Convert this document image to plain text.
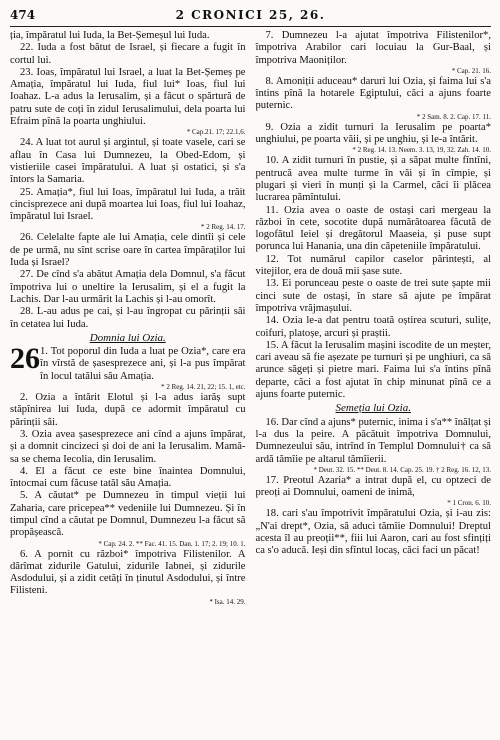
474	2 CRONICI 25, 26.

ția, împăratul lui Iuda, la Bet-Șemeșul lui Iuda.

22. Iuda a fost bătut de Israel, și fiecare a fugit în cortul lui.

23. Ioas, împăratul lui Israel, a luat la Bet-Șemeș pe Amația, împăratul lui Iuda, fiul lui* Ioas, fiul lui Ioahaz. L-a adus la Ierusalim, și a făcut o spărtură de patru sute de coți în zidul Ierusalimului, dela poarta lui Efraim pînă la poarta unghiului.

* Cap.21. 17; 22.1,6.

24. A luat tot aurul și argintul, și toate vasele, cari se aflau în Casa lui Dumnezeu, la Obed-Edom, și vistieriile casei împăratului. A luat și ostatici, și s'a întors la Samaria.

25. Amația*, fiul lui Ioas, împăratul lui Iuda, a trăit cincisprezece ani după moartea lui Ioas, fiul lui Ioahaz, împăratul lui Israel.

* 2 Reg. 14. 17.

26. Celelalte fapte ale lui Amația, cele dintîi și cele de pe urmă, nu sînt scrise oare în cartea împăraților lui Iuda și Israel?

27. De cînd s'a abătut Amația dela Domnul, s'a făcut împotriva lui o uneltire la Ierusalim, și el a fugit la Lachis. Dar l-au urmărit la Lachis și l-au omorît.

28. L-au adus pe cai, și l-au îngropat cu părinții săi în cetatea lui Iuda.

Domnia lui Ozia.
26 1. Tot poporul din Iuda a luat pe Ozia*, care era în vîrstă de șasesprezece ani, și l-a pus împărat în locul tatălui său Amația.

* 2 Reg. 14. 21, 22; 15. 1, etc.

2. Ozia a întărit Elotul și l-a adus iarăș supt stăpînirea lui Iuda, după ce adormit împăratul cu părinții săi.

3. Ozia avea șasesprezece ani cînd a ajuns împărat, și a domnit cincizeci și doi de ani la Ierusalim. Mamă-sa se chema Iecolia, din Ierusalim.

4. El a făcut ce este bine înaintea Domnului, întocmai cum făcuse tatăl său Amația.

5. A căutat* pe Dumnezeu în timpul vieții lui Zaharia, care pricepea** vedeniile lui Dumnezeu. Și în timpul cînd a căutat pe Domnul, Dumnezeu l-a făcut să propășească.

* Cap. 24. 2. ** Fac. 41. 15. Dan. 1. 17; 2. 19; 10. 1.

6. A pornit cu război* împotriva Filistenilor. A dărîmat zidurile Gatului, zidurile Iabnei, și zidurile Asdodului, și a zidit cetăți în ținutul Asdodului, și între Filisteni.

* Isa. 14. 29.

7. Dumnezeu l-a ajutat împotriva Filistenilor*, împotriva Arabilor cari locuiau la Gur-Baal, și împotriva Maoniților.

* Cap. 21. 16.

8. Amoniții aduceau* daruri lui Ozia, și faima lui s'a întins pînă la hotarele Egiptului, căci a ajuns foarte puternic.

* 2 Sam. 8. 2. Cap. 17. 11.

9. Ozia a zidit turnuri la Ierusalim pe poarta* unghiului, pe poarta văii, și pe unghiu, și le-a întărit.

* 2 Reg. 14. 13. Neem. 3. 13, 19, 32. Zah. 14. 10.

10. A zidit turnuri în pustie, și a săpat multe fîntîni, pentrucă avea multe turme în văi și în cîmpie, și plugari și vieri în munți și la Carmel, căci îi plăcea lucrarea pămîntului.

11. Ozia avea o oaste de ostași cari mergeau la război în cete, socotite după numărătoarea făcută de logofătul Ieiel și dregătorul Maaseia, și puse supt porunca lui Hanania, una din căpeteniile împăratului.

12. Tot numărul capilor caselor părintești, al vitejilor, era de două mii șase sute.

13. Ei porunceau peste o oaste de trei sute șapte mii cinci sute de ostași, în stare să ajute pe împărat împotriva vrăjmașului.

14. Ozia le-a dat pentru toată oștirea scuturi, sulițe, coifuri, platoșe, arcuri și praștii.

15. A făcut la Ierusalim mașini iscodite de un meșter, cari aveau să fie așezate pe turnuri și pe unghiuri, ca să arunce săgeți și pietre mari. Faima lui s'a întins pînă departe, căci a fost ajutat în chip minunat pînă ce a ajuns foarte puternic.

Semeția lui Ozia.

16. Dar cînd a ajuns* puternic, inima i s'a** înălțat și l-a dus la peire. A păcătuit împotriva Domnului, Dumnezeului său, intrînd în Templul Domnului† ca să ardă tămîie pe altarul tămîierii.

* Deut. 32. 15. ** Deut. 8. 14. Cap. 25. 19. † 2 Reg. 16. 12, 13.

17. Preotul Azaria* a intrat după el, cu optzeci de preoți ai Domnului, oameni de inimă,

* 1 Cron. 6. 10.

18. cari s'au împotrivit împăratului Ozia, și i-au zis: „N'ai drept*, Ozia, să aduci tămîie Domnului! Dreptul acesta îl au preoții**, fiii lui Aaron, cari au fost sfințiți ca s'o aducă. Ieși din sfîntul locaș, căci faci un păcat!
